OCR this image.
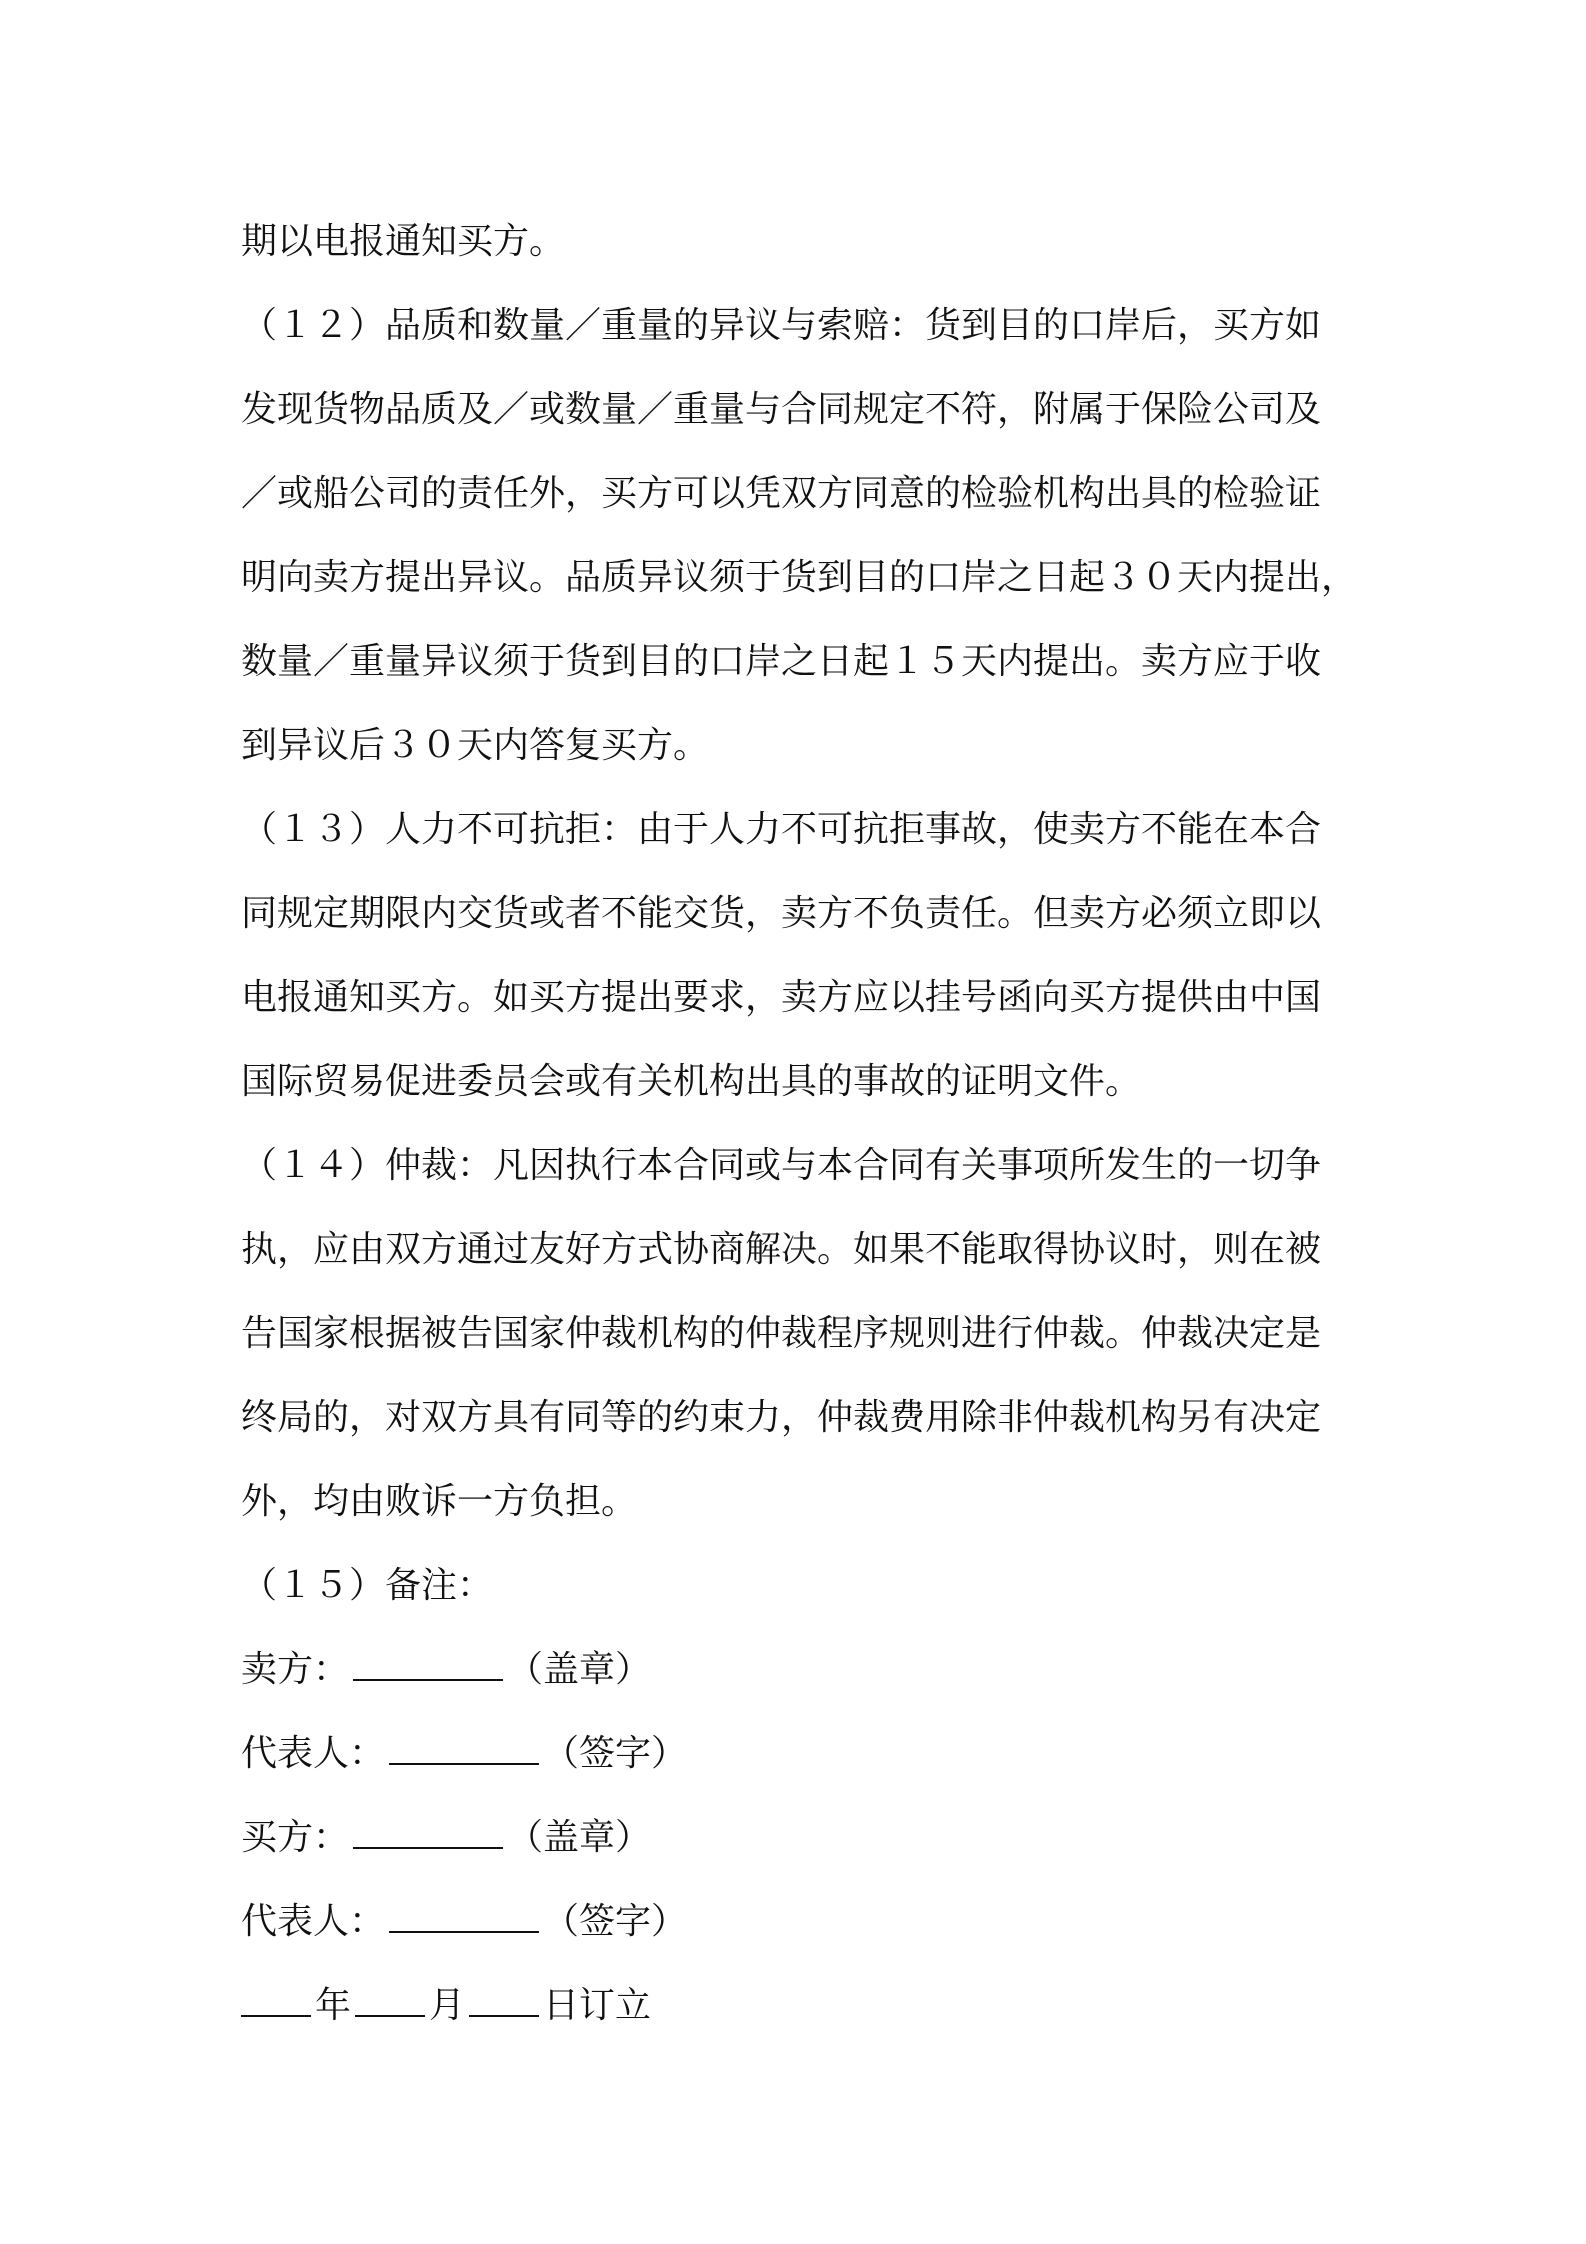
期以电报通知买方。
（１２）品质和数量／重量的异议与索赔：货到目的口岸后，买方如
发现货物品质及／或数量／重量与合同规定不符，附属于保险公司及
／或船公司的责任外，买方可以凭双方同意的检验机构出具的检验证
明向卖方提出异议。品质异议须于货到目的口岸之日起３０天内提出，
数量／重量异议须于货到目的口岸之日起１５天内提出。卖方应于收
到异议后３０天内答复买方。
（１３）人力不可抗拒：由于人力不可抗拒事故，使卖方不能在本合
同规定期限内交货或者不能交货，卖方不负责任。但卖方必须立即以
电报通知买方。如买方提出要求，卖方应以挂号函向买方提供由中国
国际贸易促进委员会或有关机构出具的事故的证明文件。
（１４）仲裁：凡因执行本合同或与本合同有关事项所发生的一切争
执，应由双方通过友好方式协商解决。如果不能取得协议时，则在被
告国家根据被告国家仲裁机构的仲裁程序规则进行仲裁。仲裁决定是
终局的，对双方具有同等的约束力，仲裁费用除非仲裁机构另有决定
外，均由败诉一方负担。
（１５）备注：
卖方：	（盖章）
代表人：	（签字）
买方：	（盖章）
代表人：	（签字）
年 月 日订立
